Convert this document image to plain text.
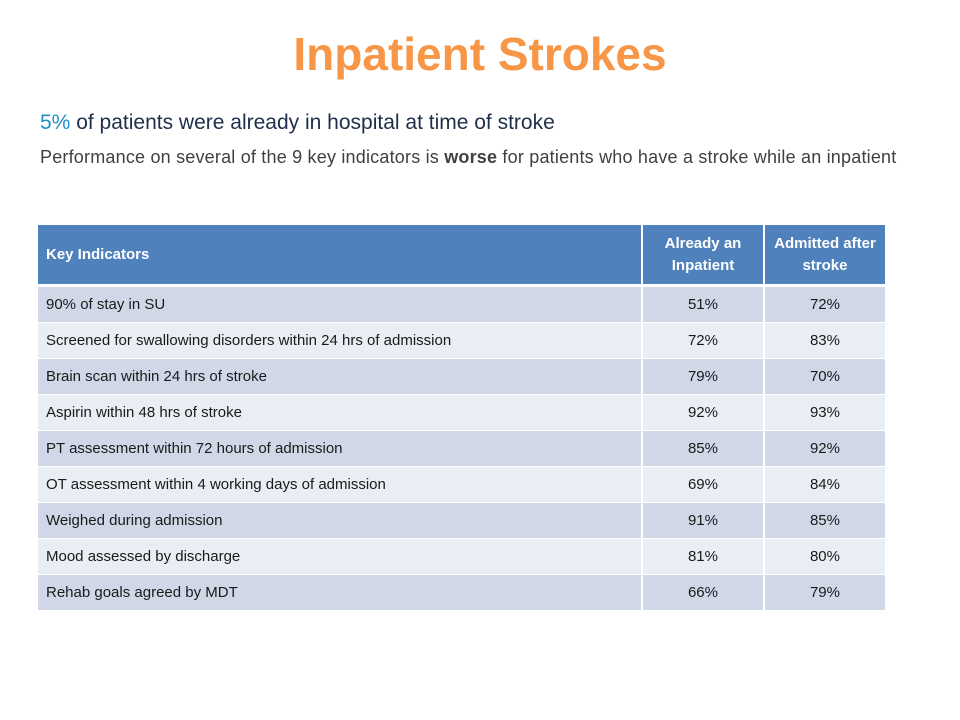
Inpatient Strokes

5% of patients were already in hospital at time of stroke

Performance on several of the 9 key indicators is worse for patients who have a stroke while an inpatient

Key Indicators	Already an Inpatient	Admitted after stroke
90% of stay in SU	51%	72%
Screened for swallowing disorders within 24 hrs of admission	72%	83%
Brain scan within 24 hrs of stroke	79%	70%
Aspirin within 48 hrs of stroke	92%	93%
PT assessment within 72 hours of admission	85%	92%
OT assessment within 4 working days of admission	69%	84%
Weighed during admission	91%	85%
Mood assessed by discharge	81%	80%
Rehab goals agreed by MDT	66%	79%
